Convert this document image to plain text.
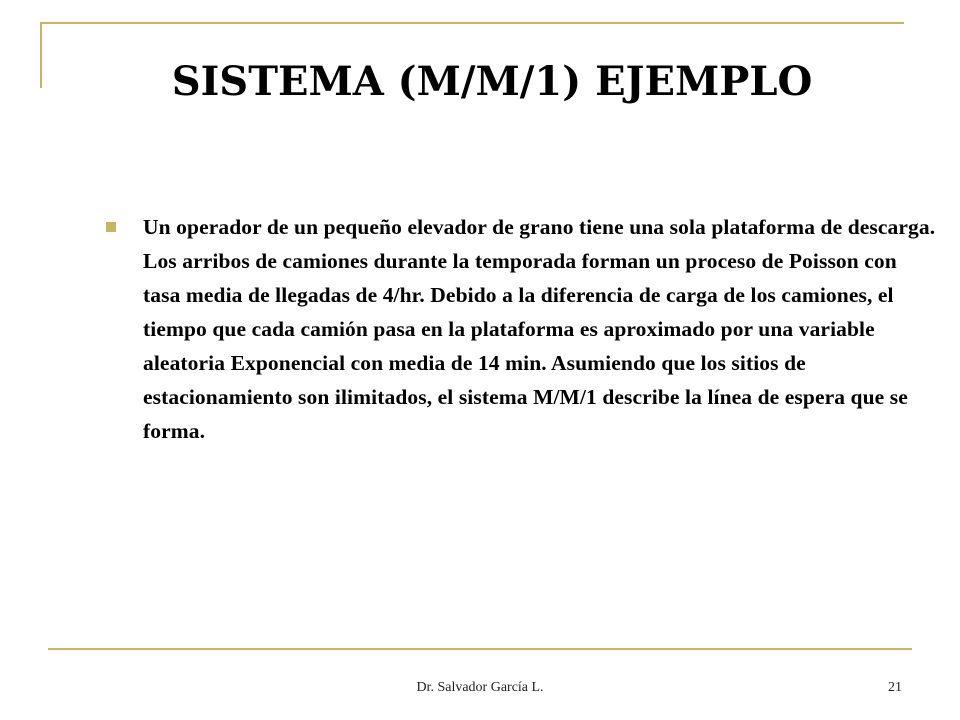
SISTEMA (M/M/1) EJEMPLO

Un operador de un pequeño elevador de grano tiene una sola plataforma de descarga. Los arribos de camiones durante la temporada forman un proceso de Poisson con tasa media de llegadas de 4/hr. Debido a la diferencia de carga de los camiones, el tiempo que cada camión pasa en la plataforma es aproximado por una variable aleatoria Exponencial con media de 14 min. Asumiendo que los sitios de estacionamiento son ilimitados, el sistema M/M/1 describe la línea de espera que se forma.

Dr. Salvador García L.	21
